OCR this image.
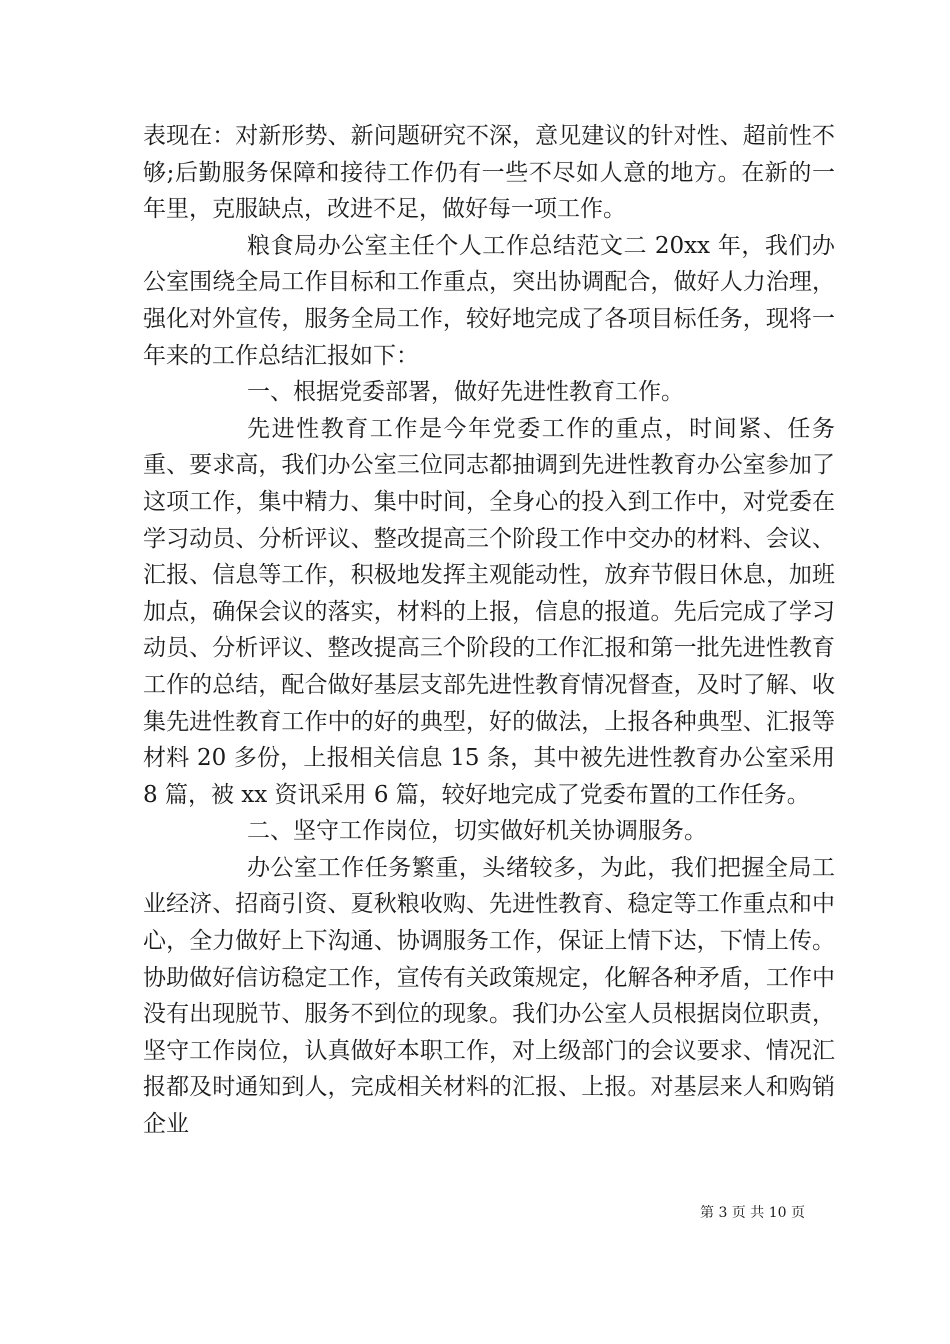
表现在：对新形势、新问题研究不深，意见建议的针对性、超前性不够;后勤服务保障和接待工作仍有一些不尽如人意的地方。在新的一年里，克服缺点，改进不足，做好每一项工作。

粮食局办公室主任个人工作总结范文二 20xx 年，我们办公室围绕全局工作目标和工作重点，突出协调配合，做好人力治理，强化对外宣传，服务全局工作，较好地完成了各项目标任务，现将一年来的工作总结汇报如下：

一、根据党委部署，做好先进性教育工作。

先进性教育工作是今年党委工作的重点，时间紧、任务重、要求高，我们办公室三位同志都抽调到先进性教育办公室参加了这项工作，集中精力、集中时间，全身心的投入到工作中，对党委在学习动员、分析评议、整改提高三个阶段工作中交办的材料、会议、汇报、信息等工作，积极地发挥主观能动性，放弃节假日休息，加班加点，确保会议的落实，材料的上报，信息的报道。先后完成了学习动员、分析评议、整改提高三个阶段的工作汇报和第一批先进性教育工作的总结，配合做好基层支部先进性教育情况督查，及时了解、收集先进性教育工作中的好的典型，好的做法，上报各种典型、汇报等材料 20 多份，上报相关信息 15 条，其中被先进性教育办公室采用 8 篇，被 xx 资讯采用 6 篇，较好地完成了党委布置的工作任务。

二、坚守工作岗位，切实做好机关协调服务。

办公室工作任务繁重，头绪较多，为此，我们把握全局工业经济、招商引资、夏秋粮收购、先进性教育、稳定等工作重点和中心，全力做好上下沟通、协调服务工作，保证上情下达，下情上传。协助做好信访稳定工作，宣传有关政策规定，化解各种矛盾，工作中没有出现脱节、服务不到位的现象。我们办公室人员根据岗位职责，坚守工作岗位，认真做好本职工作，对上级部门的会议要求、情况汇报都及时通知到人，完成相关材料的汇报、上报。对基层来人和购销企业

第 3 页 共 10 页
